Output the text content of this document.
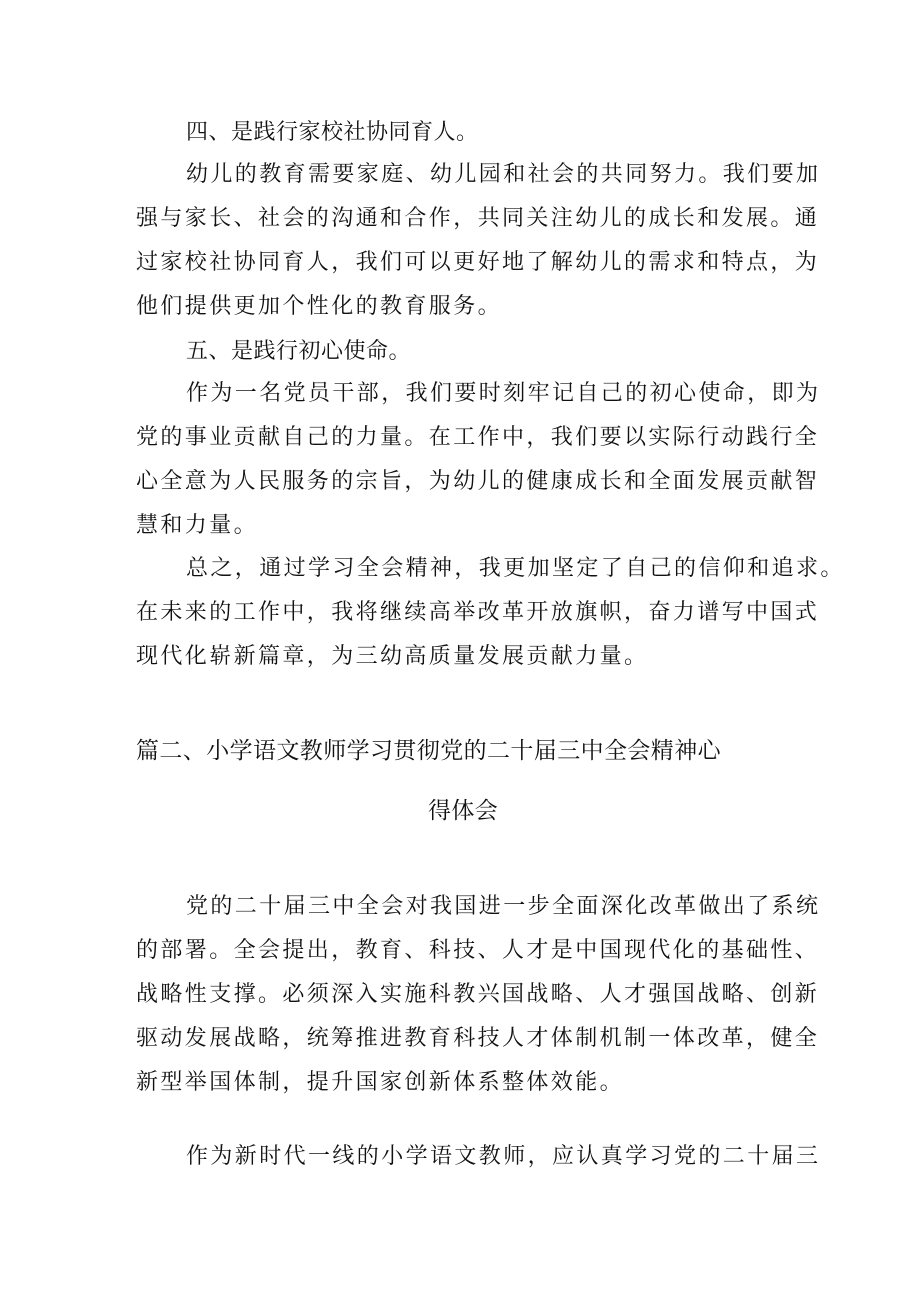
四、是践行家校社协同育人。
幼儿的教育需要家庭、幼儿园和社会的共同努力。我们要加
强与家长、社会的沟通和合作，共同关注幼儿的成长和发展。通
过家校社协同育人，我们可以更好地了解幼儿的需求和特点，为
他们提供更加个性化的教育服务。
五、是践行初心使命。
作为一名党员干部，我们要时刻牢记自己的初心使命，即为
党的事业贡献自己的力量。在工作中，我们要以实际行动践行全
心全意为人民服务的宗旨，为幼儿的健康成长和全面发展贡献智
慧和力量。
总之，通过学习全会精神，我更加坚定了自己的信仰和追求。
在未来的工作中，我将继续高举改革开放旗帜，奋力谱写中国式
现代化崭新篇章，为三幼高质量发展贡献力量。
篇二、小学语文教师学习贯彻党的二十届三中全会精神心
得体会
党的二十届三中全会对我国进一步全面深化改革做出了系统
的部署。全会提出，教育、科技、人才是中国现代化的基础性、
战略性支撑。必须深入实施科教兴国战略、人才强国战略、创新
驱动发展战略，统筹推进教育科技人才体制机制一体改革，健全
新型举国体制，提升国家创新体系整体效能。
作为新时代一线的小学语文教师，应认真学习党的二十届三
